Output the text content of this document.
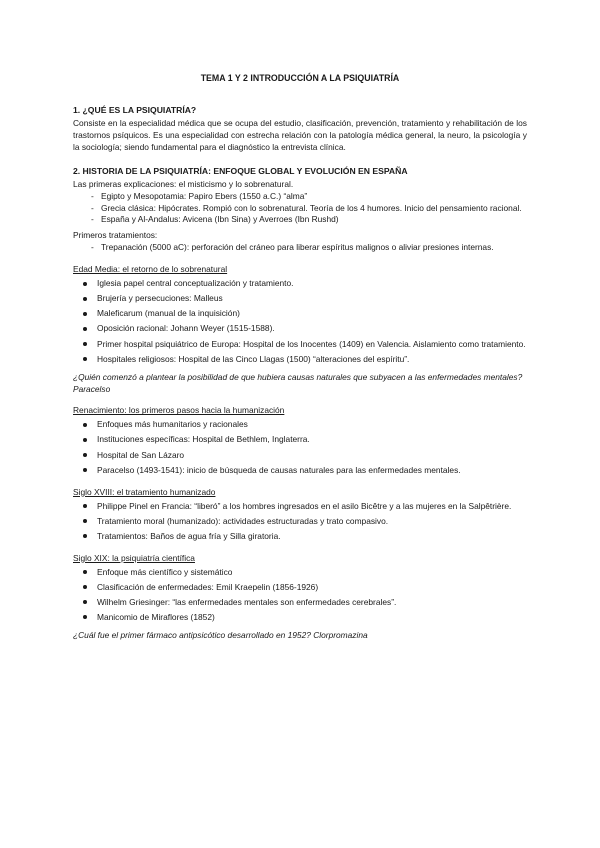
TEMA 1 Y 2 INTRODUCCIÓN A LA PSIQUIATRÍA
1. ¿QUÉ ES LA PSIQUIATRÍA?
Consiste en la especialidad médica que se ocupa del estudio, clasificación, prevención, tratamiento y rehabilitación de los trastornos psíquicos. Es una especialidad con estrecha relación con la patología médica general, la neuro, la psicología y la sociología; siendo fundamental para el diagnóstico la entrevista clínica.
2. HISTORIA DE LA PSIQUIATRÍA: ENFOQUE GLOBAL Y EVOLUCIÓN EN ESPAÑA
Las primeras explicaciones: el misticismo y lo sobrenatural.
- Egipto y Mesopotamia: Papiro Ebers (1550 a.C.) “alma”
- Grecia clásica: Hipócrates. Rompió con lo sobrenatural. Teoría de los 4 humores. Inicio del pensamiento racional.
- España y Al-Andalus: Avicena (Ibn Sina) y Averroes (Ibn Rushd)
Primeros tratamientos:
- Trepanación (5000 aC): perforación del cráneo para liberar espíritus malignos o aliviar presiones internas.
Edad Media: el retorno de lo sobrenatural
Iglesia papel central conceptualización y tratamiento.
Brujería y persecuciones: Malleus
Maleficarum (manual de la inquisición)
Oposición racional: Johann Weyer (1515-1588).
Primer hospital psiquiátrico de Europa: Hospital de los Inocentes (1409) en Valencia. Aislamiento como tratamiento.
Hospitales religiosos: Hospital de las Cinco Llagas (1500) “alteraciones del espíritu”.
¿Quién comenzó a plantear la posibilidad de que hubiera causas naturales que subyacen a las enfermedades mentales? Paracelso
Renacimiento: los primeros pasos hacia la humanización
Enfoques más humanitarios y racionales
Instituciones específicas: Hospital de Bethlem, Inglaterra.
Hospital de San Lázaro
Paracelso (1493-1541): inicio de búsqueda de causas naturales para las enfermedades mentales.
Siglo XVIII: el tratamiento humanizado
Philippe Pinel en Francia: “liberó” a los hombres ingresados en el asilo Bicêtre y a las mujeres en la Salpêtrière.
Tratamiento moral (humanizado): actividades estructuradas y trato compasivo.
Tratamientos: Baños de agua fría y Silla giratoria.
Siglo XIX: la psiquiatría científica
Enfoque más científico y sistemático
Clasificación de enfermedades: Emil Kraepelin (1856-1926)
Wilhelm Griesinger: “las enfermedades mentales son enfermedades cerebrales”.
Manicomio de Miraflores (1852)
¿Cuál fue el primer fármaco antipsicótico desarrollado en 1952? Clorpromazina
